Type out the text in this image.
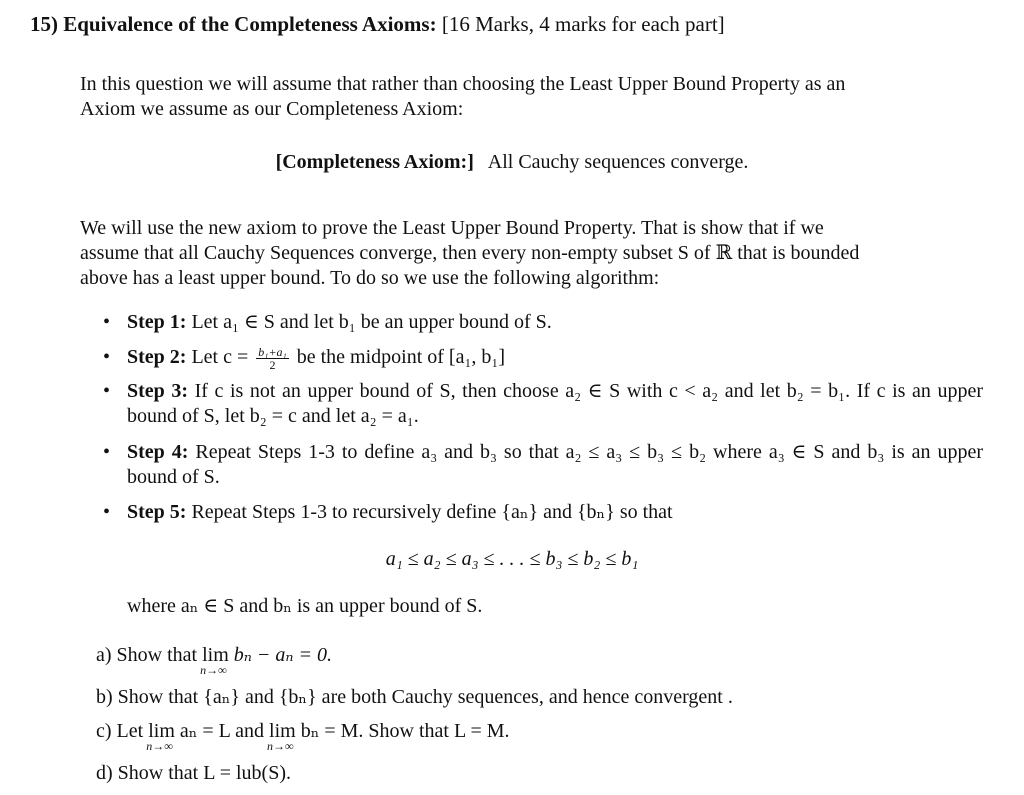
15) Equivalence of the Completeness Axioms: [16 Marks, 4 marks for each part]
In this question we will assume that rather than choosing the Least Upper Bound Property as an
Axiom we assume as our Completeness Axiom:
[Completeness Axiom:] All Cauchy sequences converge.
We will use the new axiom to prove the Least Upper Bound Property. That is show that if we
assume that all Cauchy Sequences converge, then every non-empty subset S of ℝ that is bounded
above has a least upper bound. To do so we use the following algorithm:
• Step 1: Let a₁ ∈ S and let b₁ be an upper bound of S.
• Step 2: Let $c = \frac{\text{b₁+a₁}}{2}$ be the midpoint of [a₁, b₁]
• Step 3: If c is not an upper bound of S, then choose a₂ ∈ S with c < a₂ and let b₂ = b₁. If c is an upper bound of S, let b₂ = c and let a₂ = a₁.
• Step 4: Repeat Steps 1-3 to define a₃ and b₃ so that a₂ ≤ a₃ ≤ b₃ ≤ b₂ where a₃ ∈ S and b₃ is an upper bound of S.
• Step 5: Repeat Steps 1-3 to recursively define {aₙ} and {bₙ} so that
a₁ ≤ a₂ ≤ a₃ ≤ . . . ≤ b₃ ≤ b₂ ≤ b₁
where aₙ ∈ S and bₙ is an upper bound of S.
a) Show that lim
n→∞
bₙ − aₙ = 0.
b) Show that {aₙ} and {bₙ} are both Cauchy sequences, and hence convergent .
c) Let lim
n→∞
aₙ = L and lim
n→∞
bₙ = M. Show that L = M.
d) Show that L = lub(S).
